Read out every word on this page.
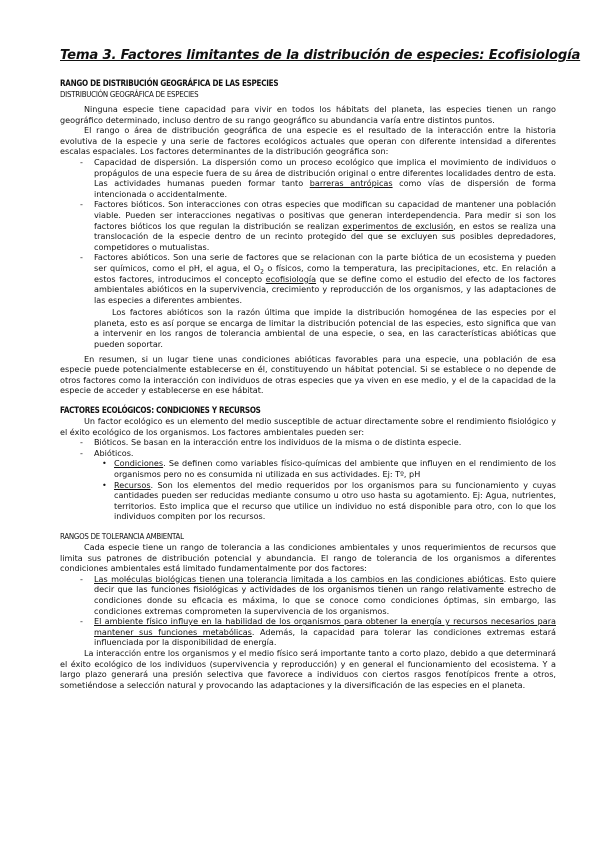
Tema 3. Factores limitantes de la distribución de especies: Ecofisiología
RANGO DE DISTRIBUCIÓN GEOGRÁFICA DE LAS ESPECIES
DISTRIBUCIÓN GEOGRÁFICA DE ESPECIES

Ninguna especie tiene capacidad para vivir en todos los hábitats del planeta, las especies tienen un rango geográfico determinado, incluso dentro de su rango geográfico su abundancia varía entre distintos puntos.

El rango o área de distribución geográfica de una especie es el resultado de la interacción entre la historia evolutiva de la especie y una serie de factores ecológicos actuales que operan con diferente intensidad a diferentes escalas espaciales. Los factores determinantes de la distribución geográfica son:

- Capacidad de dispersión. La dispersión como un proceso ecológico que implica el movimiento de individuos o propágulos de una especie fuera de su área de distribución original o entre diferentes localidades dentro de esta. Las actividades humanas pueden formar tanto barreras antrópicas como vías de dispersión de forma intencionada o accidentalmente.
- Factores bióticos. Son interacciones con otras especies que modifican su capacidad de mantener una población viable. Pueden ser interacciones negativas o positivas que generan interdependencia. Para medir si son los factores bióticos los que regulan la distribución se realizan experimentos de exclusión, en estos se realiza una translocación de la especie dentro de un recinto protegido del que se excluyen sus posibles depredadores, competidores o mutualistas.
- Factores abióticos. Son una serie de factores que se relacionan con la parte biótica de un ecosistema y pueden ser químicos, como el pH, el agua, el $O_2$ o físicos, como la temperatura, las precipitaciones, etc. En relación a estos factores, introducimos el concepto ecofisiología que se define como el estudio del efecto de los factores ambientales abióticos en la supervivencia, crecimiento y reproducción de los organismos, y las adaptaciones de las especies a diferentes ambientes.

Los factores abióticos son la razón última que impide la distribución homogénea de las especies por el planeta, esto es así porque se encarga de limitar la distribución potencial de las especies, esto significa que van a intervenir en los rangos de tolerancia ambiental de una especie, o sea, en las características abióticas que pueden soportar.

En resumen, si un lugar tiene unas condiciones abióticas favorables para una especie, una población de esa especie puede potencialmente establecerse en él, constituyendo un hábitat potencial. Si se establece o no depende de otros factores como la interacción con individuos de otras especies que ya viven en ese medio, y el de la capacidad de la especie de acceder y establecerse en ese hábitat.

FACTORES ECOLÓGICOS: CONDICIONES Y RECURSOS

Un factor ecológico es un elemento del medio susceptible de actuar directamente sobre el rendimiento fisiológico y el éxito ecológico de los organismos. Los factores ambientales pueden ser:

- Bióticos. Se basan en la interacción entre los individuos de la misma o de distinta especie.
- Abióticos.
• Condiciones. Se definen como variables físico-químicas del ambiente que influyen en el rendimiento de los organismos pero no es consumida ni utilizada en sus actividades. Ej: Tº, pH
• Recursos. Son los elementos del medio requeridos por los organismos para su funcionamiento y cuyas cantidades pueden ser reducidas mediante consumo u otro uso hasta su agotamiento. Ej: Agua, nutrientes, territorios. Esto implica que el recurso que utilice un individuo no está disponible para otro, con lo que los individuos compiten por los recursos.
RANGOS DE TOLERANCIA AMBIENTAL

Cada especie tiene un rango de tolerancia a las condiciones ambientales y unos requerimientos de recursos que limita sus patrones de distribución potencial y abundancia. El rango de tolerancia de los organismos a diferentes condiciones ambientales está limitado fundamentalmente por dos factores:

- Las moléculas biológicas tienen una tolerancia limitada a los cambios en las condiciones abióticas. Esto quiere decir que las funciones fisiológicas y actividades de los organismos tienen un rango relativamente estrecho de condiciones donde su eficacia es máxima, lo que se conoce como condiciones óptimas, sin embargo, las condiciones extremas comprometen la supervivencia de los organismos.
- El ambiente físico influye en la habilidad de los organismos para obtener la energía y recursos necesarios para mantener sus funciones metabólicas. Además, la capacidad para tolerar las condiciones extremas estará influenciada por la disponibilidad de energía.

La interacción entre los organismos y el medio físico será importante tanto a corto plazo, debido a que determinará el éxito ecológico de los individuos (supervivencia y reproducción) y en general el funcionamiento del ecosistema. Y a largo plazo generará una presión selectiva que favorece a individuos con ciertos rasgos fenotípicos frente a otros, sometiéndose a selección natural y provocando las adaptaciones y la diversificación de las especies en el planeta.
